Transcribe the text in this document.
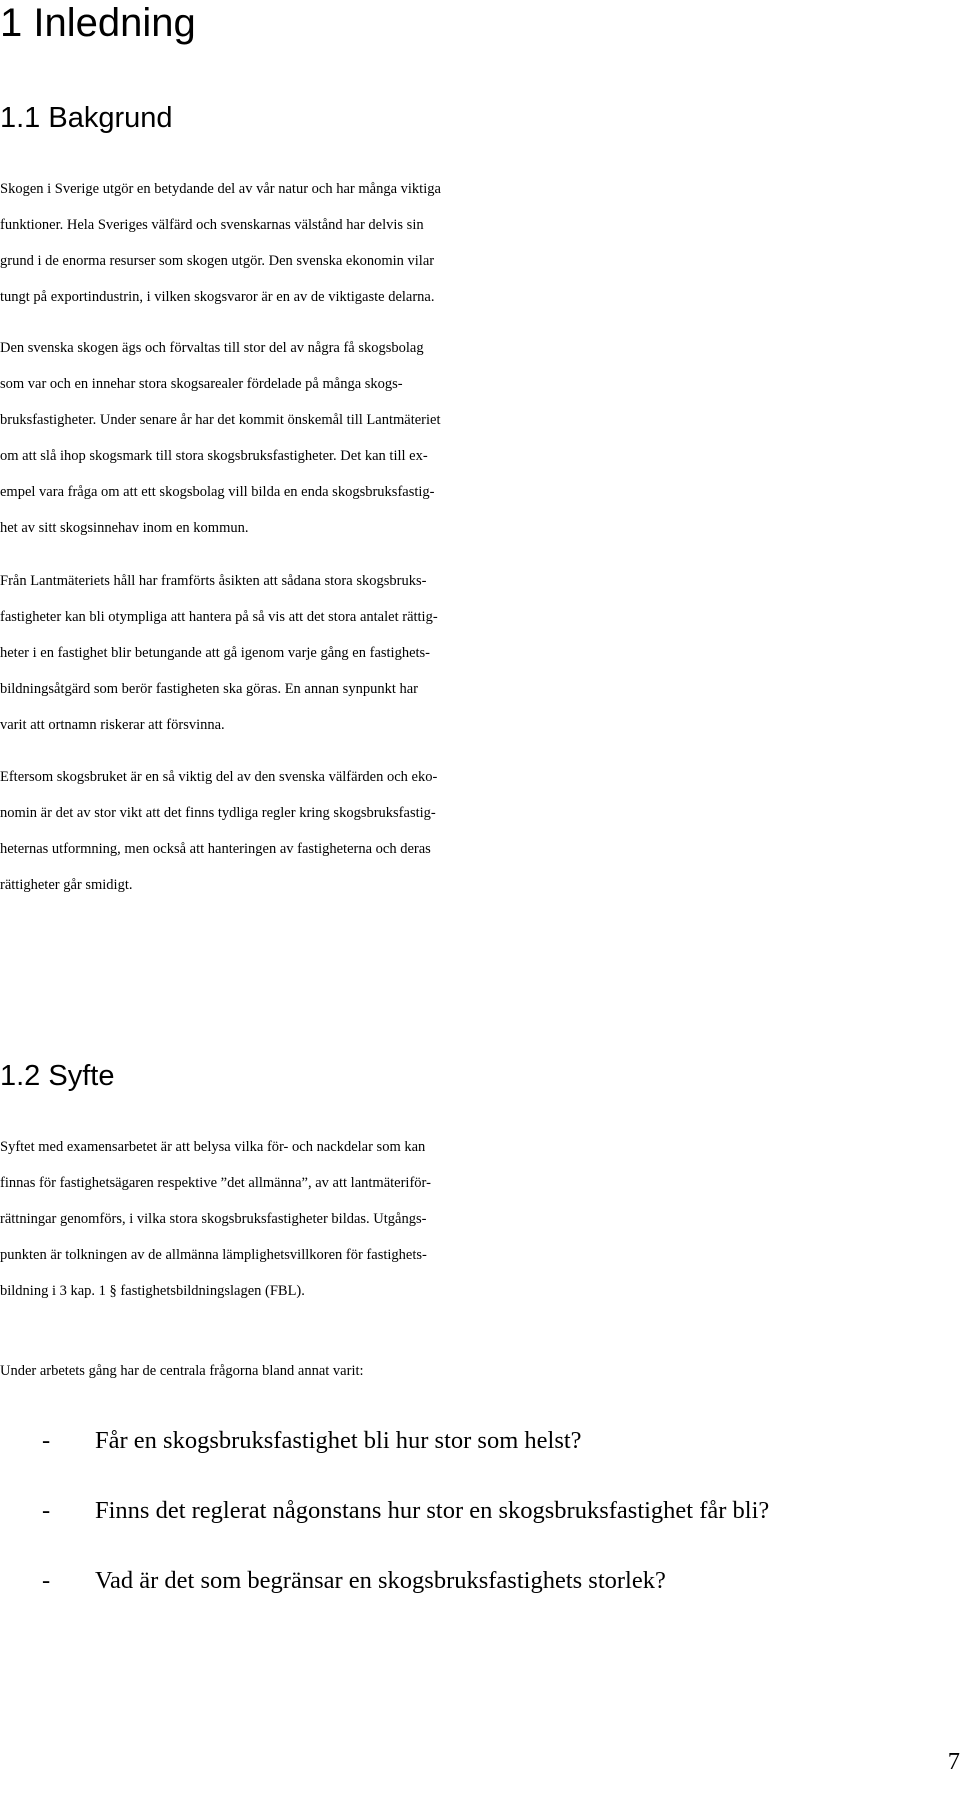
1 Inledning
1.1 Bakgrund
Skogen i Sverige utgör en betydande del av vår natur och har många viktiga
funktioner. Hela Sveriges välfärd och svenskarnas välstånd har delvis sin
grund i de enorma resurser som skogen utgör. Den svenska ekonomin vilar
tungt på exportindustrin, i vilken skogsvaror är en av de viktigaste delarna.
Den svenska skogen ägs och förvaltas till stor del av några få skogsbolag
som var och en innehar stora skogsarealer fördelade på många skogs-
bruksfastigheter. Under senare år har det kommit önskemål till Lantmäteriet
om att slå ihop skogsmark till stora skogsbruksfastigheter. Det kan till ex-
empel vara fråga om att ett skogsbolag vill bilda en enda skogsbruksfastig-
het av sitt skogsinnehav inom en kommun.
Från Lantmäteriets håll har framförts åsikten att sådana stora skogsbruks-
fastigheter kan bli otympliga att hantera på så vis att det stora antalet rättig-
heter i en fastighet blir betungande att gå igenom varje gång en fastighets-
bildningsåtgärd som berör fastigheten ska göras. En annan synpunkt har
varit att ortnamn riskerar att försvinna.
Eftersom skogsbruket är en så viktig del av den svenska välfärden och eko-
nomin är det av stor vikt att det finns tydliga regler kring skogsbruksfastig-
heternas utformning, men också att hanteringen av fastigheterna och deras
rättigheter går smidigt.
1.2 Syfte
Syftet med examensarbetet är att belysa vilka för- och nackdelar som kan
finnas för fastighetsägaren respektive ”det allmänna”, av att lantmäteriför-
rättningar genomförs, i vilka stora skogsbruksfastigheter bildas. Utgångs-
punkten är tolkningen av de allmänna lämplighetsvillkoren för fastighets-
bildning i 3 kap. 1 § fastighetsbildningslagen (FBL).
Under arbetets gång har de centrala frågorna bland annat varit:
- Får en skogsbruksfastighet bli hur stor som helst?
- Finns det reglerat någonstans hur stor en skogsbruksfastighet får bli?
- Vad är det som begränsar en skogsbruksfastighets storlek?
7
